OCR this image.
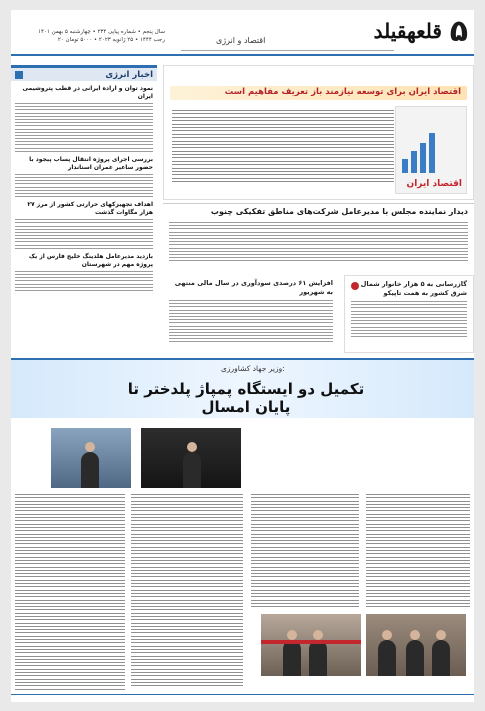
۵
قلعهقیلد
اقتصاد و انرژی
سال پنجم • شماره پیاپی ۲۳۴ • چهارشنبه ۵ بهمن ۱۴۰۱
۲۰ رجب ۱۴۴۴ • ۲۵ ژانویه ۲۰۲۳ • ۵۰۰۰ تومان
اخبار انرژی
نمود توان و اراده ایرانی در قطب پتروشیمی ایران
بررسی اجرای پروژه انتقال پساب پیجود با حضور ساعیر عمران استاندار
اهداف تجهیزکهای حرارتی کشور از مرز ۲۷ هزار مگاوات گذشت
بازدید مدیرعامل هلدینگ خلیج فارس از یک پروژه مهم در شهرستان
اقتصاد ایران برای توسعه نیازمند باز تعریف مفاهیم است
اقتصاد ایران
دیدار نماینده مجلس با مدیرعامل شرکت‌های مناطق تفکیکی چنوب
افزایش ۶۱ درصدی سودآوری در سال مالی منتهی به شهریور
گازرسانی به ۵ هزار خانوار شمال شرق کشور به همت تاپیکو
وزیر جهاد کشاورزی:
تکمیل دو ایستگاه پمپاژ پلدختر تا پایان امسال
